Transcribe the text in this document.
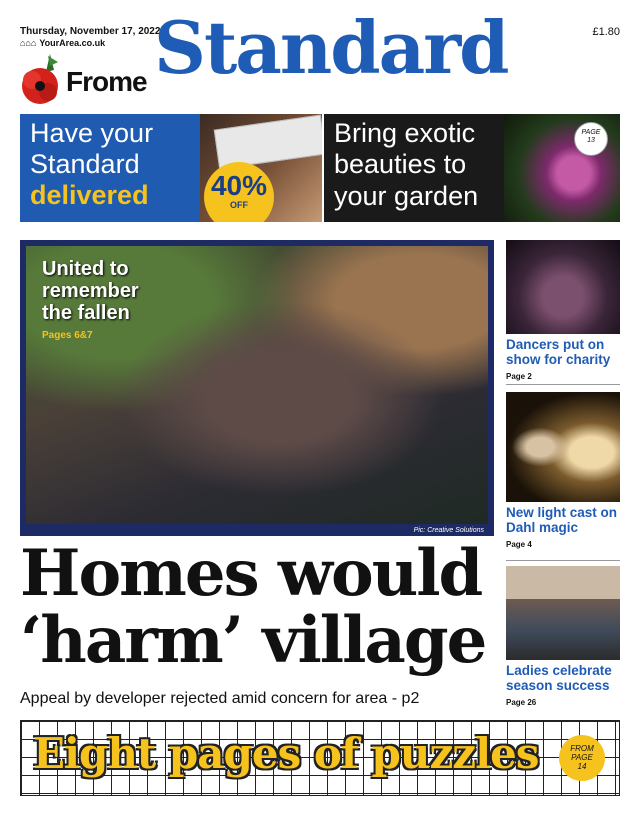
Thursday, November 17, 2022
⌂⌂⌂ YourArea.co.uk
£1.80
Frome Standard
Have your
Standard
delivered 40%
OFF
Bring exotic
beauties to
your garden
PAGE
13
United to
remember
the fallen
Pages 6&7
Pic: Creative Solutions
Homes would
‘harm’ village
Appeal by developer rejected amid concern for area - p2
Dancers put on show for charity
Page 2
New light cast on Dahl magic
Page 4
Ladies celebrate season success
Page 26
Eight pages of puzzles	FROM PAGE
14
